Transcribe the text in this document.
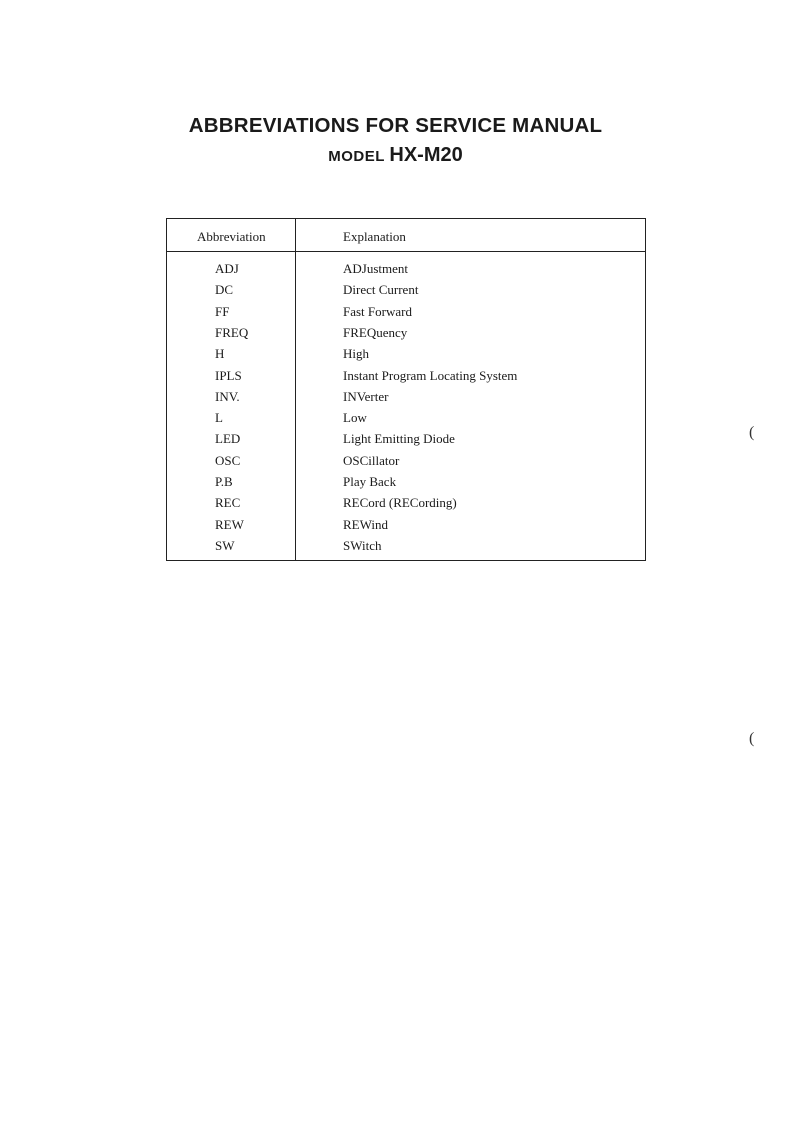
ABBREVIATIONS FOR SERVICE MANUAL
MODEL HX-M20
Abbreviation	Explanation
ADJ	ADJustment
DC	Direct Current
FF	Fast Forward
FREQ	FREQuency
H	High
IPLS	Instant Program Locating System
INV.	INVerter
L	Low
LED	Light Emitting Diode
OSC	OSCillator
P.B	Play Back
REC	RECord (RECording)
REW	REWind
SW	SWitch
(
(
